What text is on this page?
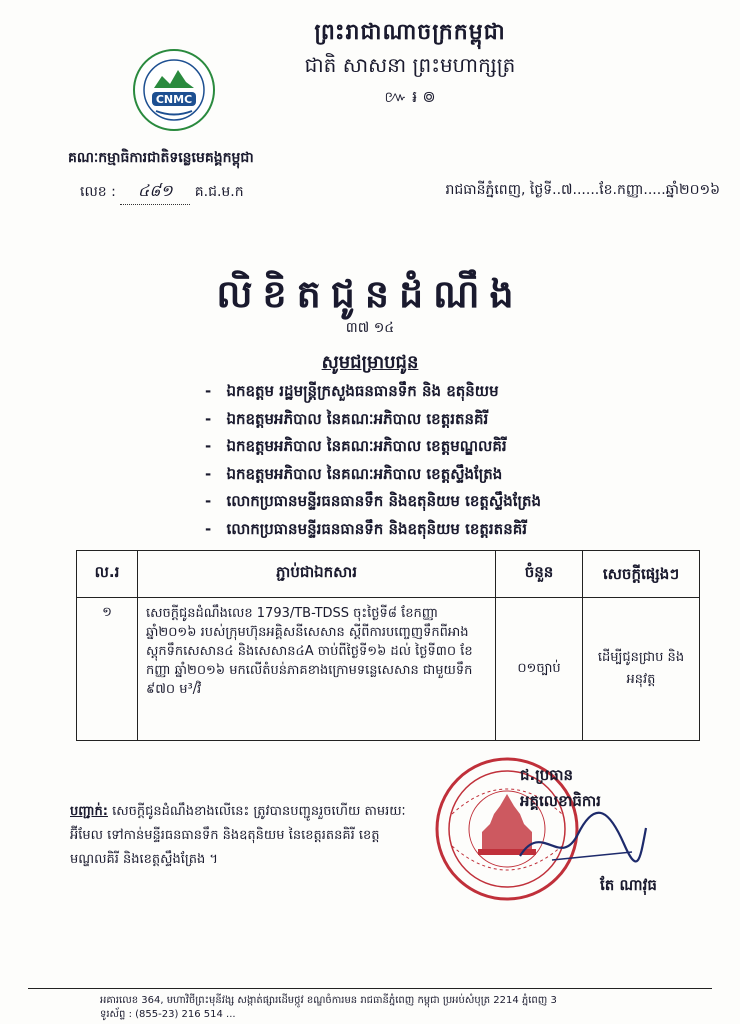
ព្រះរាជាណាចក្រកម្ពុជា
ជាតិ សាសនា ព្រះមហាក្សត្រ
៚ ៛ ៙
CNMC
គណៈកម្មាធិការជាតិទន្លេមេគង្គកម្ពុជា
លេខ : ៤៨១ គ.ជ.ម.ក	រាជធានីភ្នំពេញ, ថ្ងៃទី..៧......ខែ.កញ្ញា.....ឆ្នាំ២០១៦
លិខិតជូនដំណឹង
៣៧ ១៤
សូមជម្រាបជូន
- ឯកឧត្តម រដ្ឋមន្ត្រីក្រសួងធនធានទឹក និង ឧតុនិយម
- ឯកឧត្តមអភិបាល នៃគណៈអភិបាល ខេត្តរតនគិរី
- ឯកឧត្តមអភិបាល នៃគណៈអភិបាល ខេត្តមណ្ឌលគិរី
- ឯកឧត្តមអភិបាល នៃគណៈអភិបាល ខេត្តស្ទឹងត្រែង
- លោកប្រធានមន្ទីរធនធានទឹក និងឧតុនិយម ខេត្តស្ទឹងត្រែង
- លោកប្រធានមន្ទីរធនធានទឹក និងឧតុនិយម ខេត្តរតនគិរី
ល.រ	ភ្ជាប់ជាឯកសារ	ចំនួន	សេចក្តីផ្សេងៗ
១	សេចក្តីជូនដំណឹងលេខ 1793/TB-TDSS ចុះថ្ងៃទី៨ ខែកញ្ញា ឆ្នាំ២០១៦ របស់ក្រុមហ៊ុនអគ្គិសនីសេសាន ស្តីពីការបញ្ចេញទឹកពីអាងស្តុកទឹកសេសាន៤ និងសេសាន៤A ចាប់ពីថ្ងៃទី១៦ ដល់ ថ្ងៃទី៣០ ខែកញ្ញា ឆ្នាំ២០១៦ មកលើតំបន់ភាគខាងក្រោមទន្លេសេសាន ជាមួយទឹក ៩៧០ ម³/វិ	០១ច្បាប់	ដើម្បីជូនជ្រាប និងអនុវត្ត
បញ្ជាក់: សេចក្តីជូនដំណឹងខាងលើនេះ ត្រូវបានបញ្ជូនរួចហើយ តាមរយៈអ៊ីមែល ទៅកាន់មន្ទីរធនធានទឹក និងឧតុនិយម នៃខេត្តរតនគិរី ខេត្តមណ្ឌលគិរី និងខេត្តស្ទឹងត្រែង ។
ជ.ប្រធាន
អគ្គលេខាធិការ
តែ ណាវុធ
អគារលេខ 364, មហាវិថីព្រះមុនីវង្ស សង្កាត់ផ្សារដើមថ្កូវ ខណ្ឌចំការមន រាជធានីភ្នំពេញ កម្ពុជា ប្រអប់សំបុត្រ 2214 ភ្នំពេញ 3
ទូរស័ព្ទ : (855-23) 216 514 ...
